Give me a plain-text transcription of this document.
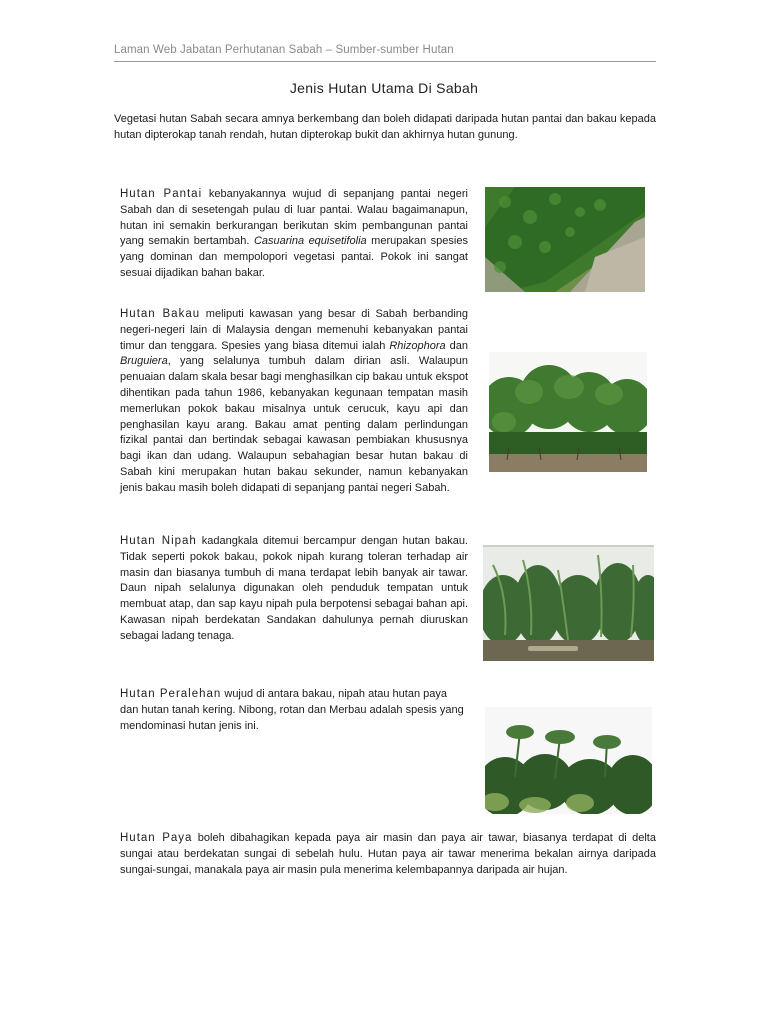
Laman Web Jabatan Perhutanan Sabah – Sumber-sumber Hutan
Jenis Hutan Utama Di Sabah
Vegetasi hutan Sabah secara amnya berkembang dan boleh didapati daripada hutan pantai dan bakau kepada hutan dipterokap tanah rendah, hutan dipterokap bukit dan akhirnya hutan gunung.
Hutan Pantai kebanyakannya wujud di sepanjang pantai negeri Sabah dan di sesetengah pulau di luar pantai. Walau bagaimanapun, hutan ini semakin berkurangan berikutan skim pembangunan pantai yang semakin bertambah. Casuarina equisetifolia merupakan spesies yang dominan dan mempolopori vegetasi pantai. Pokok ini sangat sesuai dijadikan bahan bakar.
Hutan Bakau meliputi kawasan yang besar di Sabah berbanding negeri-negeri lain di Malaysia dengan memenuhi kebanyakan pantai timur dan tenggara. Spesies yang biasa ditemui ialah Rhizophora dan Bruguiera, yang selalunya tumbuh dalam dirian asli. Walaupun penuaian dalam skala besar bagi menghasilkan cip bakau untuk ekspot dihentikan pada tahun 1986, kebanyakan kegunaan tempatan masih memerlukan pokok bakau misalnya untuk cerucuk, kayu api dan penghasilan kayu arang. Bakau amat penting dalam perlindungan fizikal pantai dan bertindak sebagai kawasan pembiakan khususnya bagi ikan dan udang. Walaupun sebahagian besar hutan bakau di Sabah kini merupakan hutan bakau sekunder, namun kebanyakan jenis bakau masih boleh didapati di sepanjang pantai negeri Sabah.
Hutan Nipah kadangkala ditemui bercampur dengan hutan bakau. Tidak seperti pokok bakau, pokok nipah kurang toleran terhadap air masin dan biasanya tumbuh di mana terdapat lebih banyak air tawar. Daun nipah selalunya digunakan oleh penduduk tempatan untuk membuat atap, dan sap kayu nipah pula berpotensi sebagai bahan api. Kawasan nipah berdekatan Sandakan dahulunya pernah diuruskan sebagai ladang tenaga.
Hutan Peralehan wujud di antara bakau, nipah atau hutan paya dan hutan tanah kering. Nibong, rotan dan Merbau adalah spesis yang mendominasi hutan jenis ini.
Hutan Paya boleh dibahagikan kepada paya air masin dan paya air tawar, biasanya terdapat di delta sungai atau berdekatan sungai di sebelah hulu. Hutan paya air tawar menerima bekalan airnya daripada sungai-sungai, manakala paya air masin pula menerima kelembapannya daripada air hujan.
